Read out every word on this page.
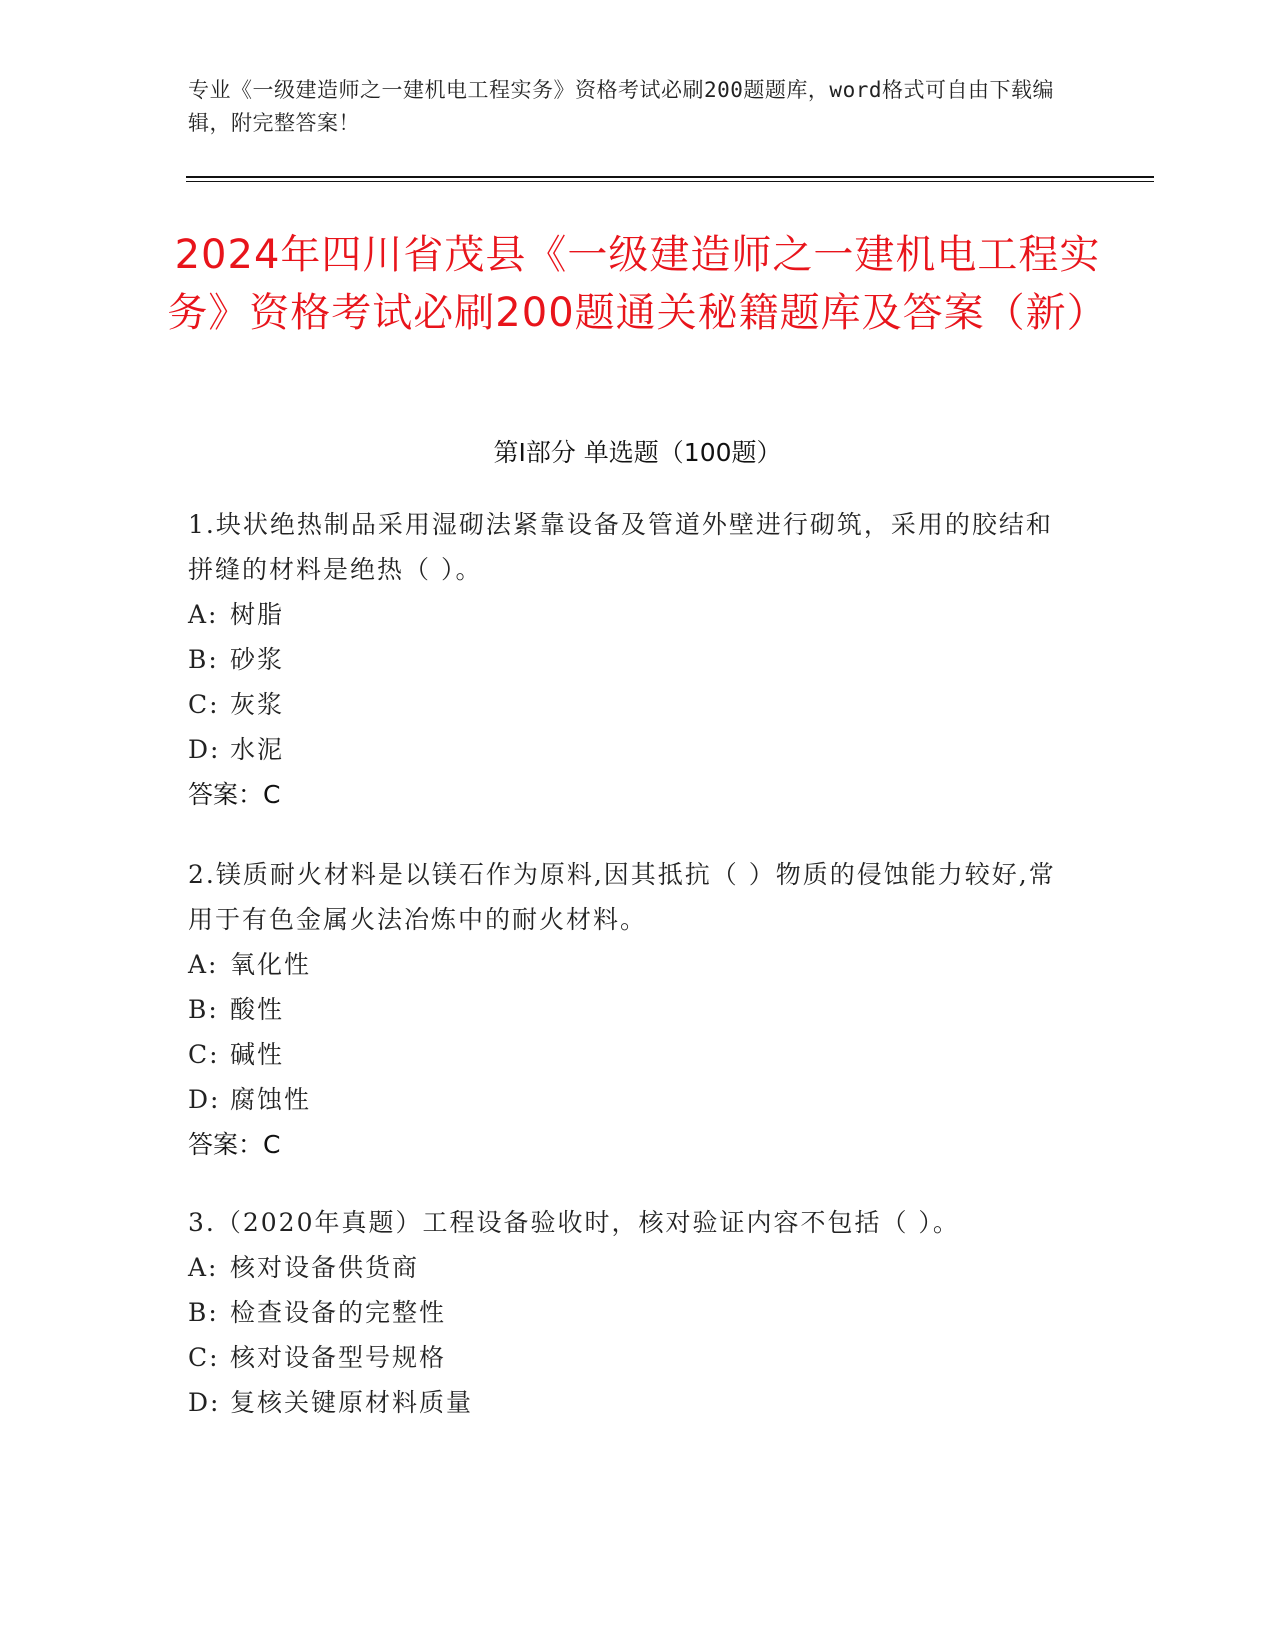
专业《一级建造师之一建机电工程实务》资格考试必刷200题题库，word格式可自由下载编辑，附完整答案！
2024年四川省茂县《一级建造师之一建机电工程实务》资格考试必刷200题通关秘籍题库及答案（新）
第Ⅰ部分 单选题（100题）
1.块状绝热制品采用湿砌法紧靠设备及管道外壁进行砌筑，采用的胶结和拼缝的材料是绝热（ ）。
A: 树脂
B: 砂浆
C: 灰浆
D: 水泥
答案：C
2.镁质耐火材料是以镁石作为原料,因其抵抗（ ）物质的侵蚀能力较好,常用于有色金属火法冶炼中的耐火材料。
A: 氧化性
B: 酸性
C: 碱性
D: 腐蚀性
答案：C
3.（2020年真题）工程设备验收时，核对验证内容不包括（ ）。
A: 核对设备供货商
B: 检查设备的完整性
C: 核对设备型号规格
D: 复核关键原材料质量
